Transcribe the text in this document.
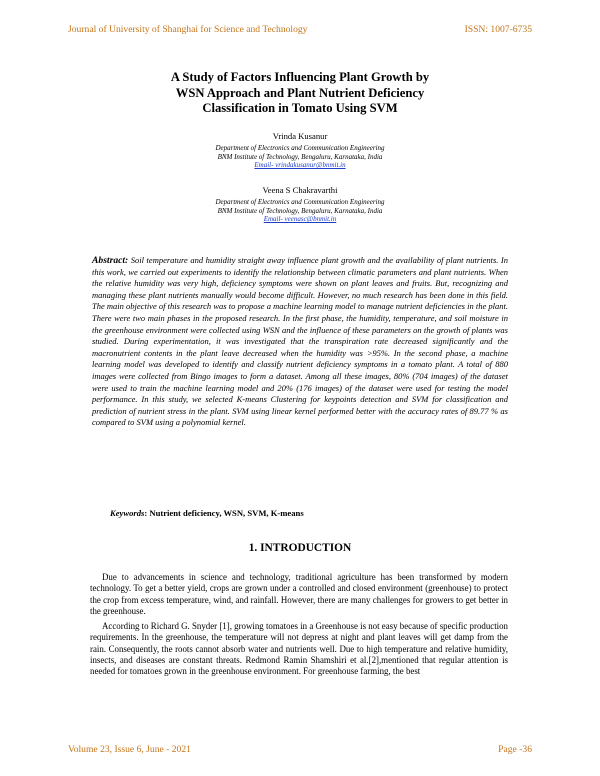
Journal of University of Shanghai for Science and Technology	ISSN: 1007-6735
A Study of Factors Influencing Plant Growth by
WSN Approach and Plant Nutrient Deficiency
Classification in Tomato Using SVM
Vrinda Kusanur
Department of Electronics and Communication Engineering
BNM Institute of Technology, Bengaluru, Karnataka, India
Email- vrindakusanur@bnmit.in
Veena S Chakravarthi
Department of Electronics and Communication Engineering
BNM Institute of Technology, Bengaluru, Karnataka, India
Email- veenasc@bnmit.in
Abstract: Soil temperature and humidity straight away influence plant growth and the availability of plant nutrients. In this work, we carried out experiments to identify the relationship between climatic parameters and plant nutrients. When the relative humidity was very high, deficiency symptoms were shown on plant leaves and fruits. But, recognizing and managing these plant nutrients manually would become difficult. However, no much research has been done in this field. The main objective of this research was to propose a machine learning model to manage nutrient deficiencies in the plant. There were two main phases in the proposed research. In the first phase, the humidity, temperature, and soil moisture in the greenhouse environment were collected using WSN and the influence of these parameters on the growth of plants was studied. During experimentation, it was investigated that the transpiration rate decreased significantly and the macronutrient contents in the plant leave decreased when the humidity was ˃95%. In the second phase, a machine learning model was developed to identify and classify nutrient deficiency symptoms in a tomato plant. A total of 880 images were collected from Bingo images to form a dataset. Among all these images, 80% (704 images) of the dataset were used to train the machine learning model and 20% (176 images) of the dataset were used for testing the model performance. In this study, we selected K-means Clustering for keypoints detection and SVM for classification and prediction of nutrient stress in the plant. SVM using linear kernel performed better with the accuracy rates of 89.77 % as compared to SVM using a polynomial kernel.
Keywords: Nutrient deficiency, WSN, SVM, K-means
1. INTRODUCTION

Due to advancements in science and technology, traditional agriculture has been transformed by modern technology. To get a better yield, crops are grown under a controlled and closed environment (greenhouse) to protect the crop from excess temperature, wind, and rainfall. However, there are many challenges for growers to get better in the greenhouse.

According to Richard G. Snyder [1], growing tomatoes in a Greenhouse is not easy because of specific production requirements. In the greenhouse, the temperature will not depress at night and plant leaves will get damp from the rain. Consequently, the roots cannot absorb water and nutrients well. Due to high temperature and relative humidity, insects, and diseases are constant threats. Redmond Ramin Shamshiri et al.[2],mentioned that regular attention is needed for tomatoes grown in the greenhouse environment. For greenhouse farming, the best

Volume 23, Issue 6, June - 2021	Page -36
